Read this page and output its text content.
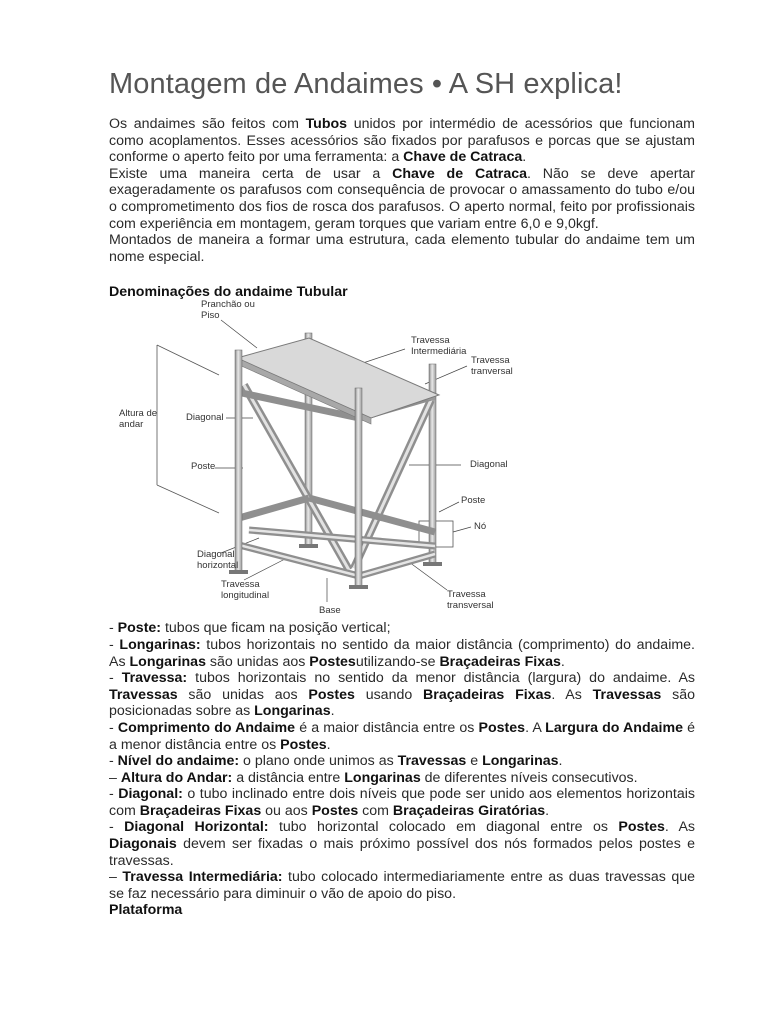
Montagem de Andaimes • A SH explica!

Os andaimes são feitos com Tubos unidos por intermédio de acessórios que funcionam como acoplamentos. Esses acessórios são fixados por parafusos e porcas que se ajustam conforme o aperto feito por uma ferramenta: a Chave de Catraca.

Existe uma maneira certa de usar a Chave de Catraca. Não se deve apertar exageradamente os parafusos com consequência de provocar o amassamento do tubo e/ou o comprometimento dos fios de rosca dos parafusos. O aperto normal, feito por profissionais com experiência em montagem, geram torques que variam entre 6,0 e 9,0kgf.

Montados de maneira a formar uma estrutura, cada elemento tubular do andaime tem um nome especial.

Denominações do andaime Tubular
Pranchão ou Piso
Travessa Intermediária
Travessa tranversal
Altura de andar
Diagonal
Poste	Diagonal
Poste
Nó
Diagonal horizontal
Travessa longitudinal
Base
Travessa transversal

- Poste: tubos que ficam na posição vertical;

- Longarinas: tubos horizontais no sentido da maior distância (comprimento) do andaime. As Longarinas são unidas aos Postesutilizando-se Braçadeiras Fixas.

- Travessa: tubos horizontais no sentido da menor distância (largura) do andaime. As Travessas são unidas aos Postes usando Braçadeiras Fixas. As Travessas são posicionadas sobre as Longarinas.

- Comprimento do Andaime é a maior distância entre os Postes. A Largura do Andaime é a menor distância entre os Postes.

- Nível do andaime: o plano onde unimos as Travessas e Longarinas.

– Altura do Andar: a distância entre Longarinas de diferentes níveis consecutivos.

- Diagonal: o tubo inclinado entre dois níveis que pode ser unido aos elementos horizontais com Braçadeiras Fixas ou aos Postes com Braçadeiras Giratórias.

- Diagonal Horizontal: tubo horizontal colocado em diagonal entre os Postes. As Diagonais devem ser fixadas o mais próximo possível dos nós formados pelos postes e travessas.

– Travessa Intermediária: tubo colocado intermediariamente entre as duas travessas que se faz necessário para diminuir o vão de apoio do piso.

Plataforma
